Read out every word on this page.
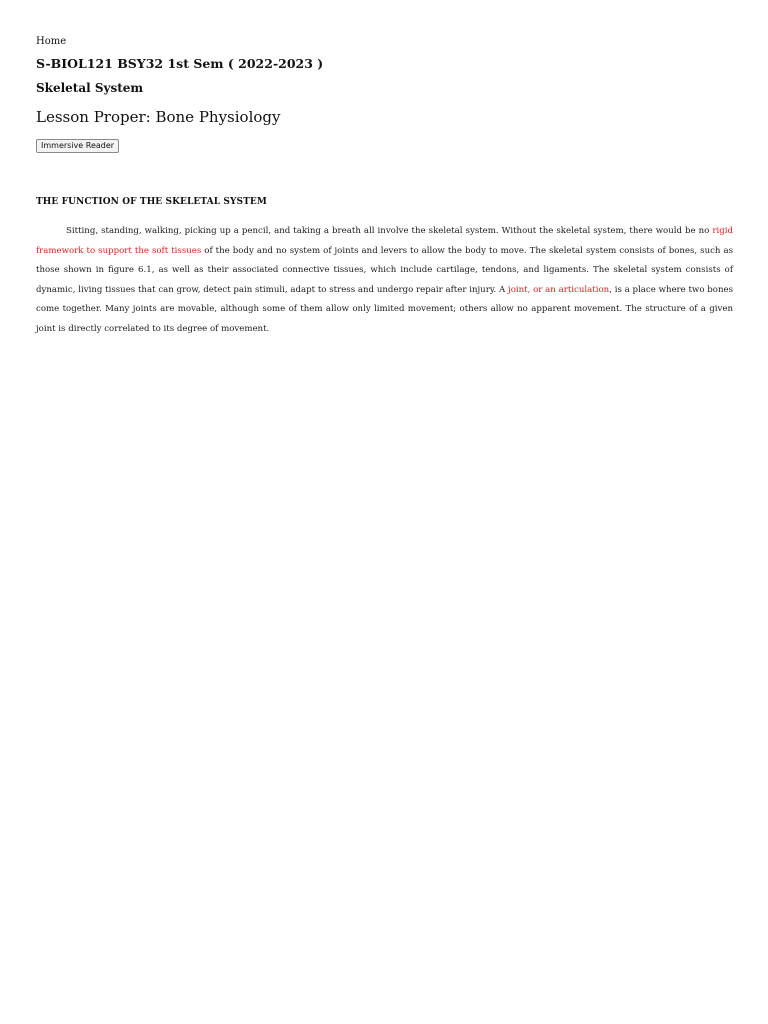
Home
S-BIOL121 BSY32 1st Sem ( 2022-2023 )
Skeletal System
Lesson Proper: Bone Physiology
Immersive Reader
THE FUNCTION OF THE SKELETAL SYSTEM

Sitting, standing, walking, picking up a pencil, and taking a breath all involve the skeletal system. Without the skeletal system, there would be no rigid framework to support the soft tissues of the body and no system of joints and levers to allow the body to move. The skeletal system consists of bones, such as those shown in figure 6.1, as well as their associated connective tissues, which include cartilage, tendons, and ligaments. The skeletal system consists of dynamic, living tissues that can grow, detect pain stimuli, adapt to stress and undergo repair after injury. A joint, or an articulation, is a place where two bones come together. Many joints are movable, although some of them allow only limited movement; others allow no apparent movement. The structure of a given joint is directly correlated to its degree of movement.
